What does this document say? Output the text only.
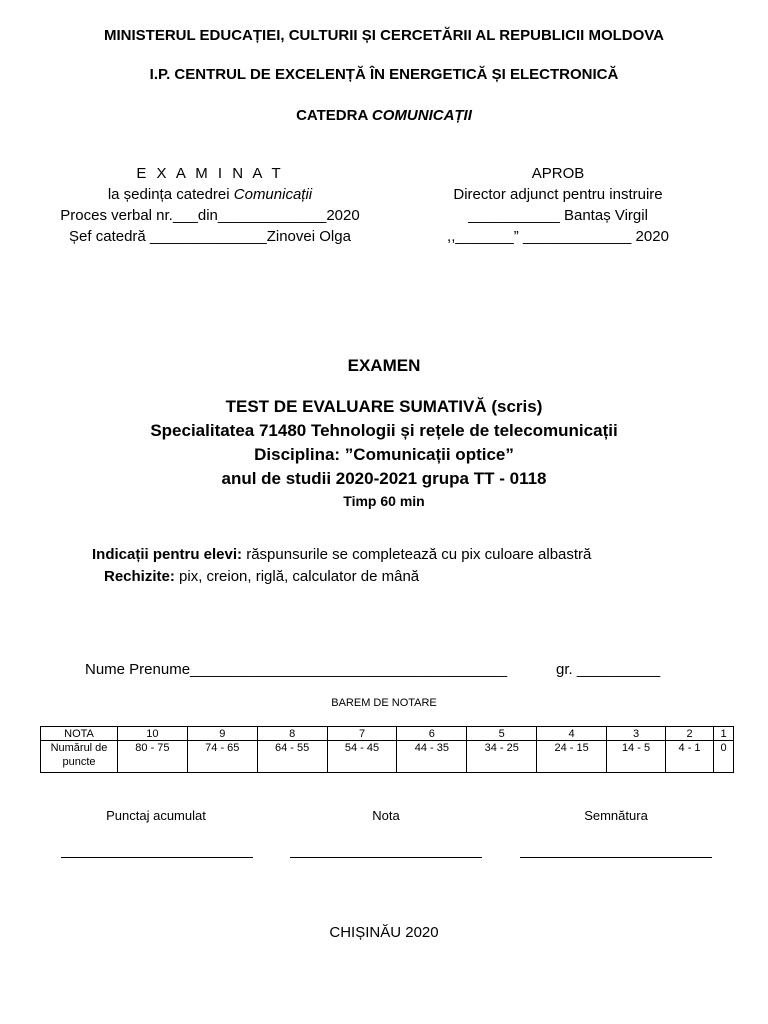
MINISTERUL EDUCAȚIEI, CULTURII ȘI CERCETĂRII AL REPUBLICII MOLDOVA
I.P. CENTRUL DE EXCELENȚĂ ÎN ENERGETICĂ ȘI ELECTRONICĂ
CATEDRA COMUNICAȚII
E X A M I N A T
la ședința catedrei Comunicații
Proces verbal nr.___din_____________2020
Șef catedră ______________Zinovei Olga
APROB
Director adjunct pentru instruire
___________ Bantaș Virgil
,,_______” _____________ 2020
EXAMEN
TEST DE EVALUARE SUMATIVĂ (scris)
Specialitatea 71480 Tehnologii și rețele de telecomunicații
Disciplina: ”Comunicații optice”
anul de studii 2020-2021 grupa TT - 0118
Timp 60 min
Indicații pentru elevi: răspunsurile se completează cu pix culoare albastră
Rechizite: pix, creion, riglă, calculator de mână
Nume Prenume______________________________________	gr. __________
BAREM DE NOTARE
NOTA	10	9	8	7	6	5	4	3	2	1
Numărul de puncte	80 - 75	74 - 65	64 - 55	54 - 45	44 - 35	34 - 25	24 - 15	14 - 5	4 - 1	0
Punctaj acumulat	Nota	Semnătura
CHIȘINĂU 2020
